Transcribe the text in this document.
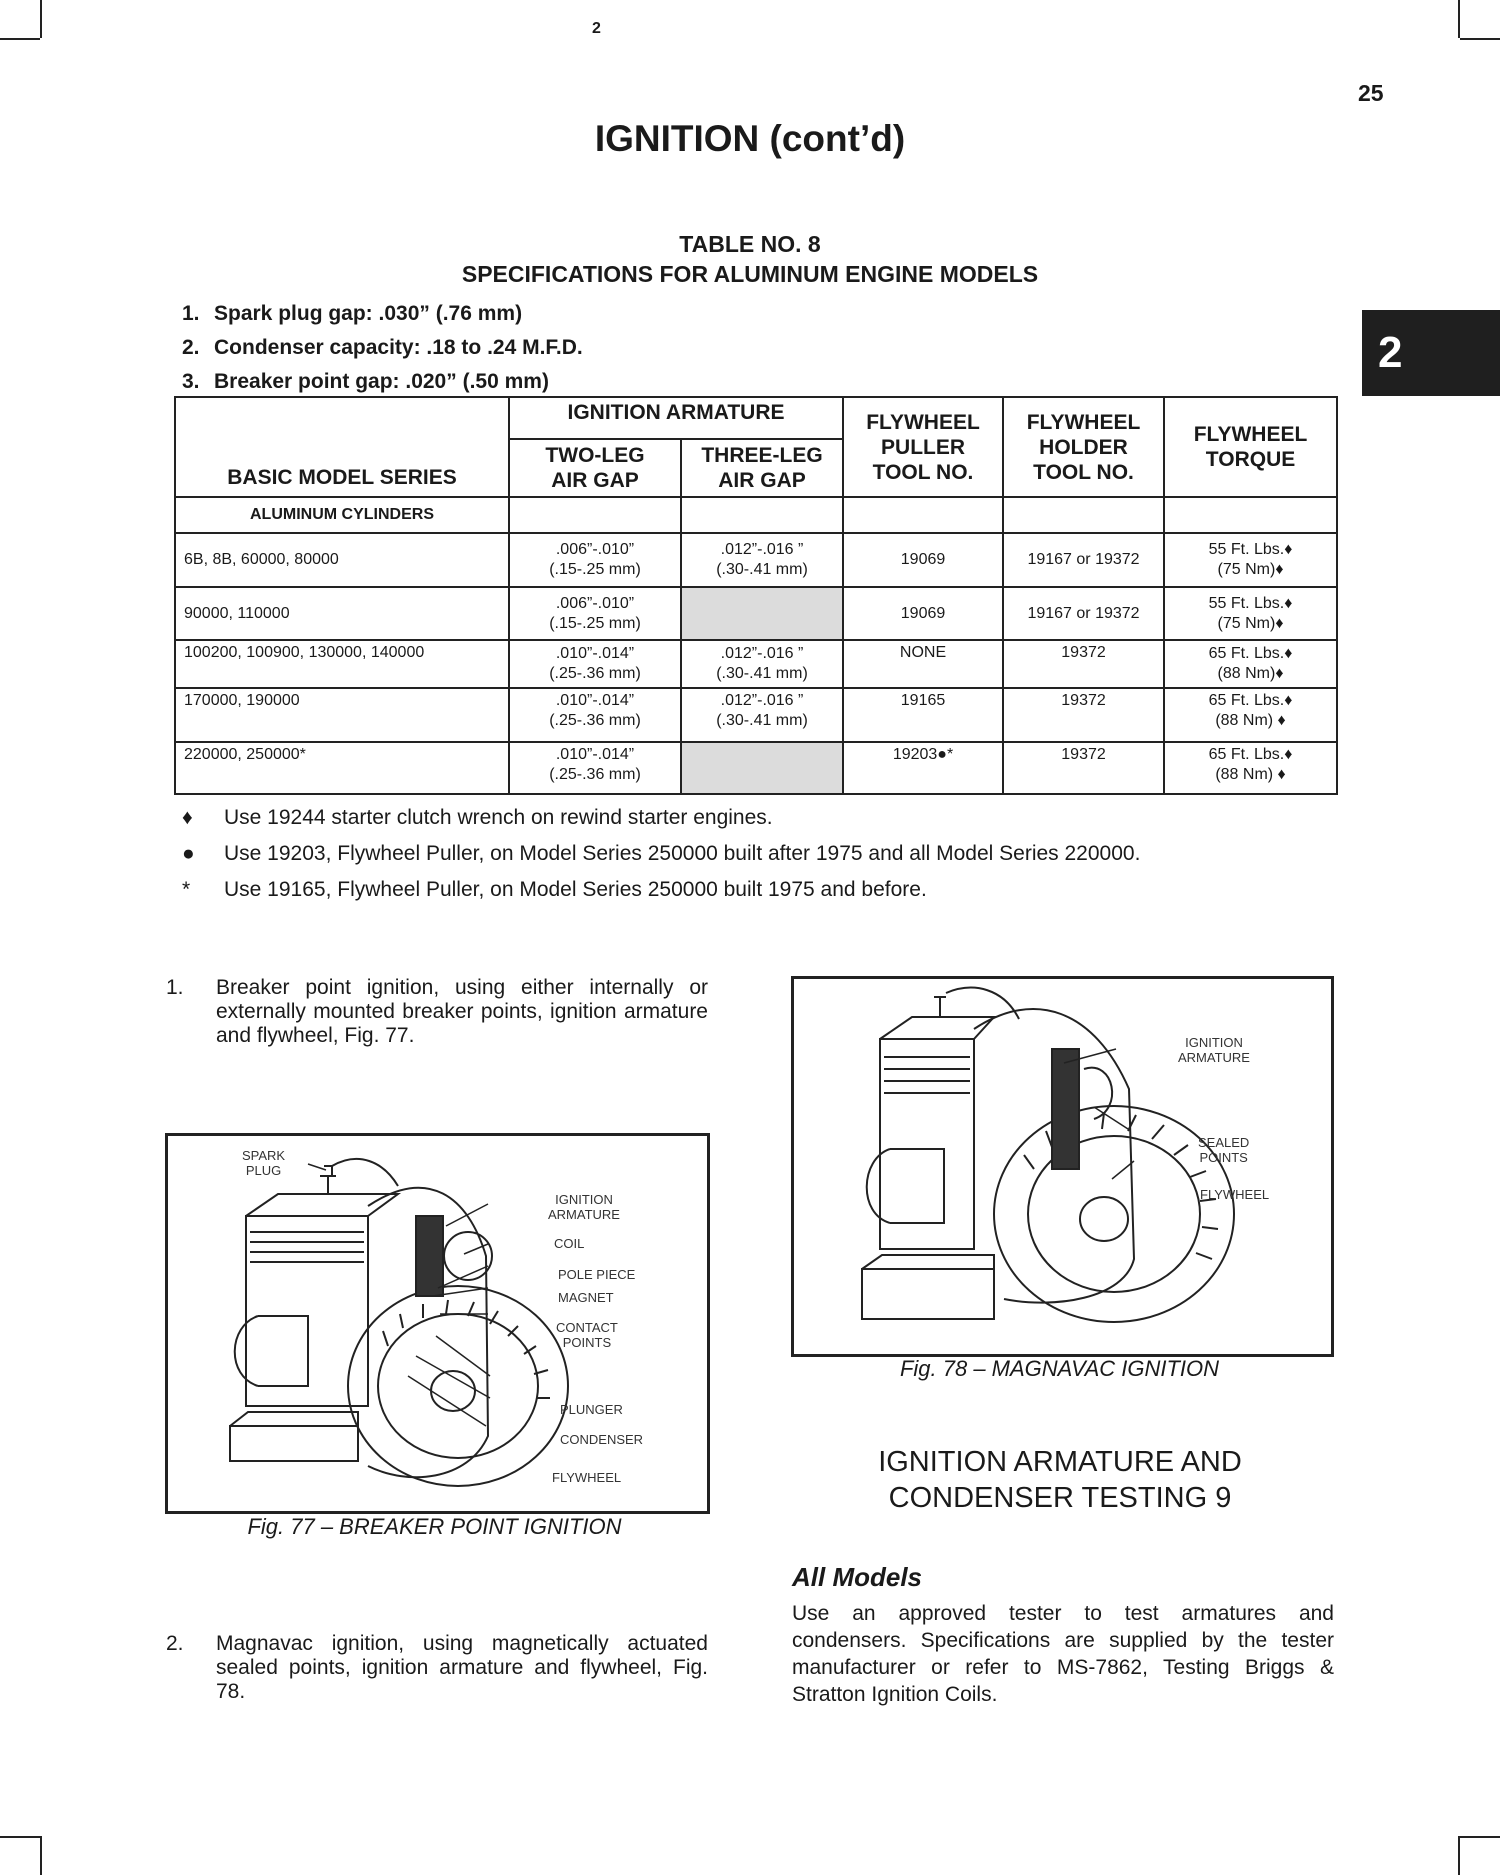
2
25
2
IGNITION (cont’d)
TABLE NO. 8
SPECIFICATIONS FOR ALUMINUM ENGINE MODELS
1. Spark plug gap: .030” (.76 mm)
2. Condenser capacity: .18 to .24 M.F.D.
3. Breaker point gap: .020” (.50 mm)
BASIC MODEL SERIES	IGNITION ARMATURE		FLYWHEEL
PULLER
TOOL NO.	FLYWHEEL
HOLDER
TOOL NO.	FLYWHEEL
TORQUE
	TWO-LEG
AIR GAP	THREE-LEG
AIR GAP			
ALUMINUM CYLINDERS					
6B, 8B, 60000, 80000	.006”-.010”
(.15-.25 mm)	.012”-.016 ”
(.30-.41 mm)	19069	19167 or 19372	55 Ft. Lbs.♦
(75 Nm)♦
90000, 110000	.006”-.010”
(.15-.25 mm)		19069	19167 or 19372	55 Ft. Lbs.♦
(75 Nm)♦
100200, 100900, 130000, 140000	.010”-.014”
(.25-.36 mm)	.012”-.016 ”
(.30-.41 mm)	NONE	19372	65 Ft. Lbs.♦
(88 Nm)♦
170000, 190000	.010”-.014”
(.25-.36 mm)	.012”-.016 ”
(.30-.41 mm)	19165	19372	65 Ft. Lbs.♦
(88 Nm) ♦
220000, 250000*	.010”-.014”
(.25-.36 mm)		19203●*	19372	65 Ft. Lbs.♦
(88 Nm) ♦
♦ Use 19244 starter clutch wrench on rewind starter engines.
● Use 19203, Flywheel Puller, on Model Series 250000 built after 1975 and all Model Series 220000.
* Use 19165, Flywheel Puller, on Model Series 250000 built 1975 and before.
1. Breaker point ignition, using either internally or externally mounted breaker points, ignition armature and flywheel, Fig. 77.
SPARK
PLUG
IGNITION
ARMATURE
COIL
POLE PIECE
MAGNET
CONTACT
POINTS
PLUNGER
CONDENSER
FLYWHEEL
Fig. 77 – BREAKER POINT IGNITION
2. Magnavac ignition, using magnetically actuated sealed points, ignition armature and flywheel, Fig. 78.
IGNITION
ARMATURE
SEALED
POINTS
FLYWHEEL
Fig. 78 – MAGNAVAC IGNITION
IGNITION ARMATURE AND
CONDENSER TESTING 9
All Models
Use an approved tester to test armatures and condensers. Specifications are supplied by the tester manufacturer or refer to MS-7862, Testing Briggs & Stratton Ignition Coils.
